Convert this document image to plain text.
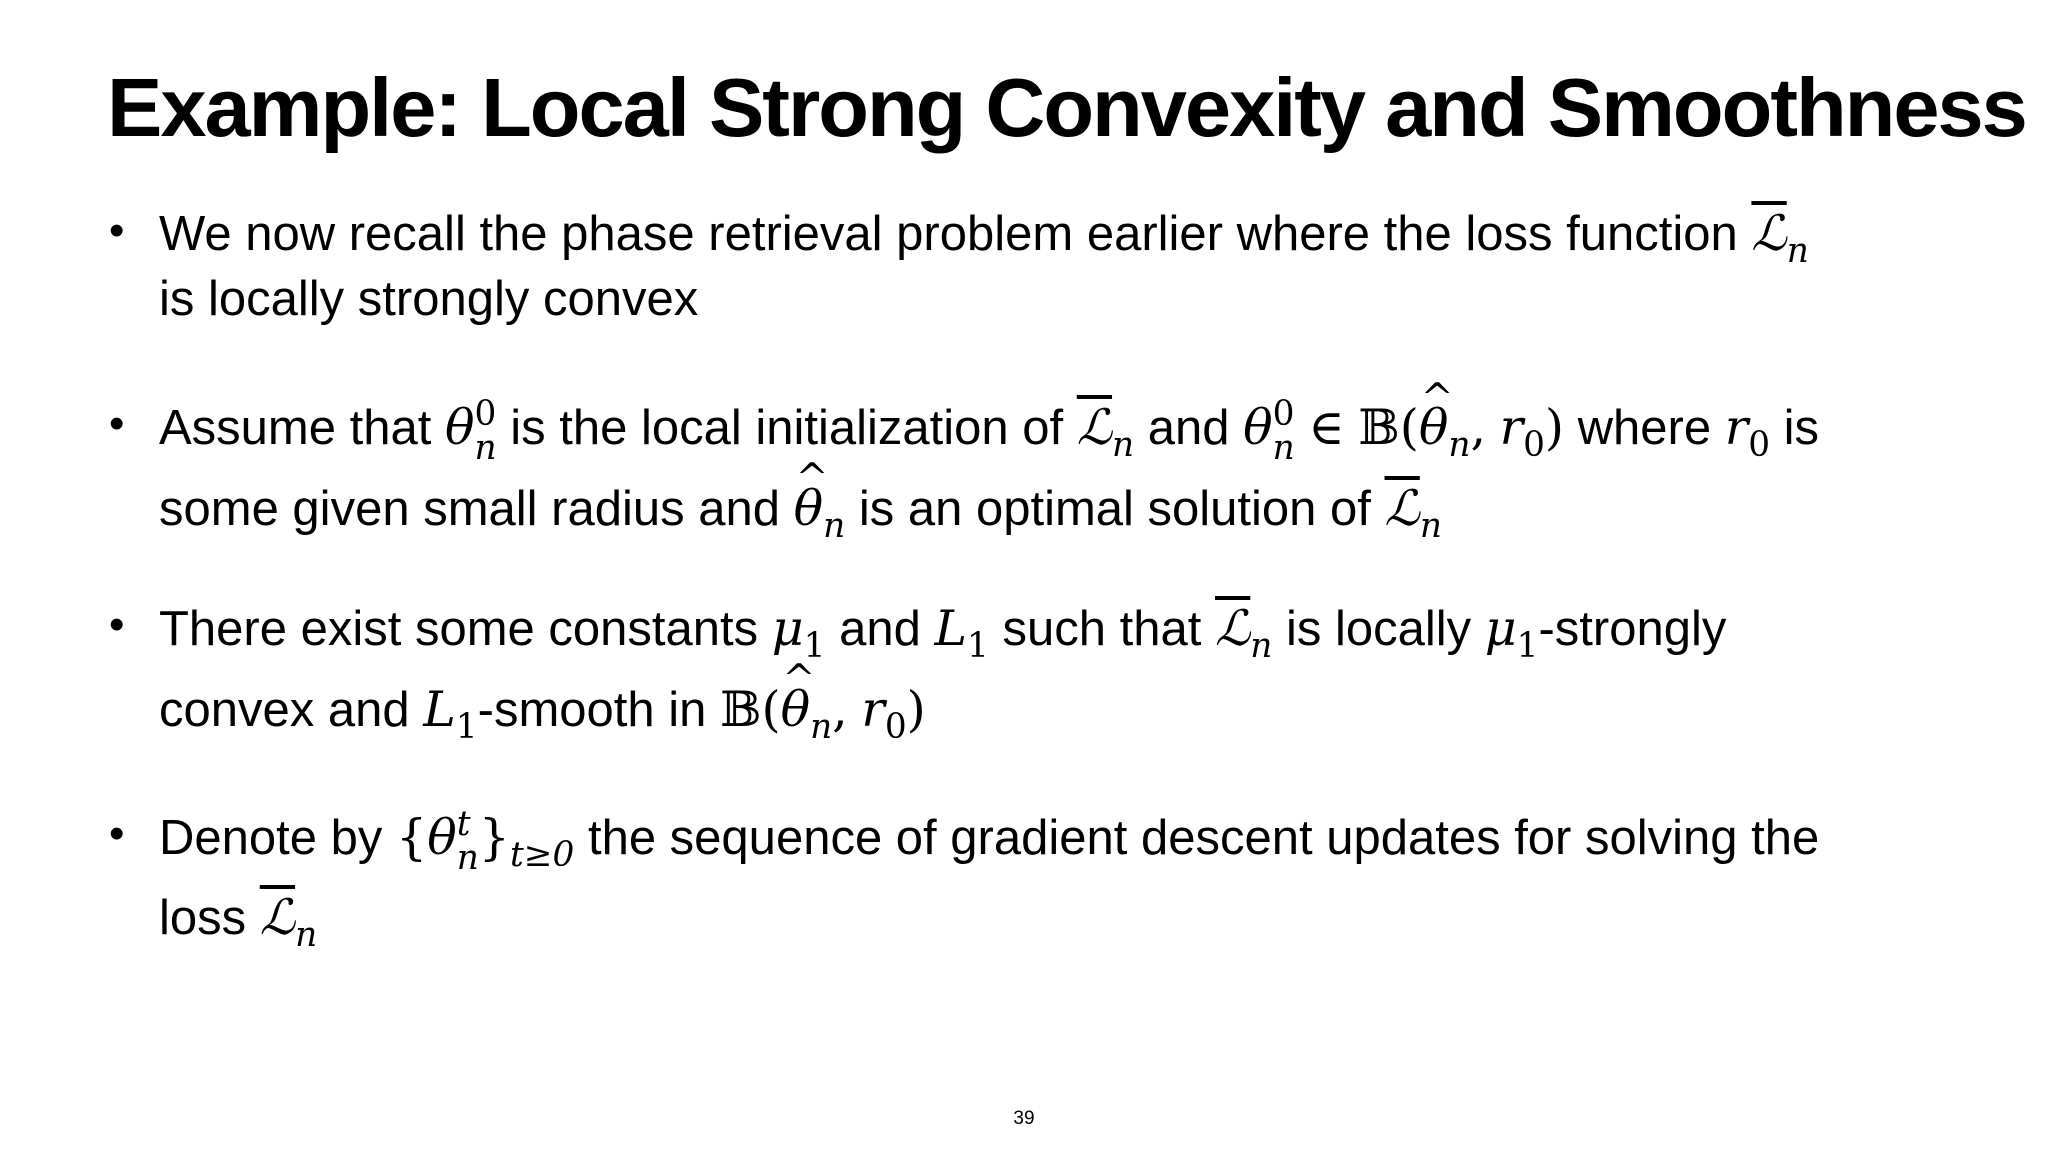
Example: Local Strong Convexity and Smoothness
• We now recall the phase retrieval problem earlier where the loss function ℒ$_n$
is locally strongly convex
• Assume that θ 0
n is the local initialization of ℒ$_n$ and θ 0
n ∈ 𝔹(^ $\theta_n$, $r_0$) where $r_0$ is
some given small radius and ^ $\theta_n$ is an optimal solution of ℒ$_n$
• There exist some constants $\mu_1$ and $L_1$ such that ℒ$_n$ is locally $\mu_1$-strongly
convex and $L_1$-smooth in 𝔹(^ $\theta_n$, $r_0$)
• Denote by {θ t
n }$_{t\ge 0}$ the sequence of gradient descent updates for solving the
loss ℒ$_n$
39
